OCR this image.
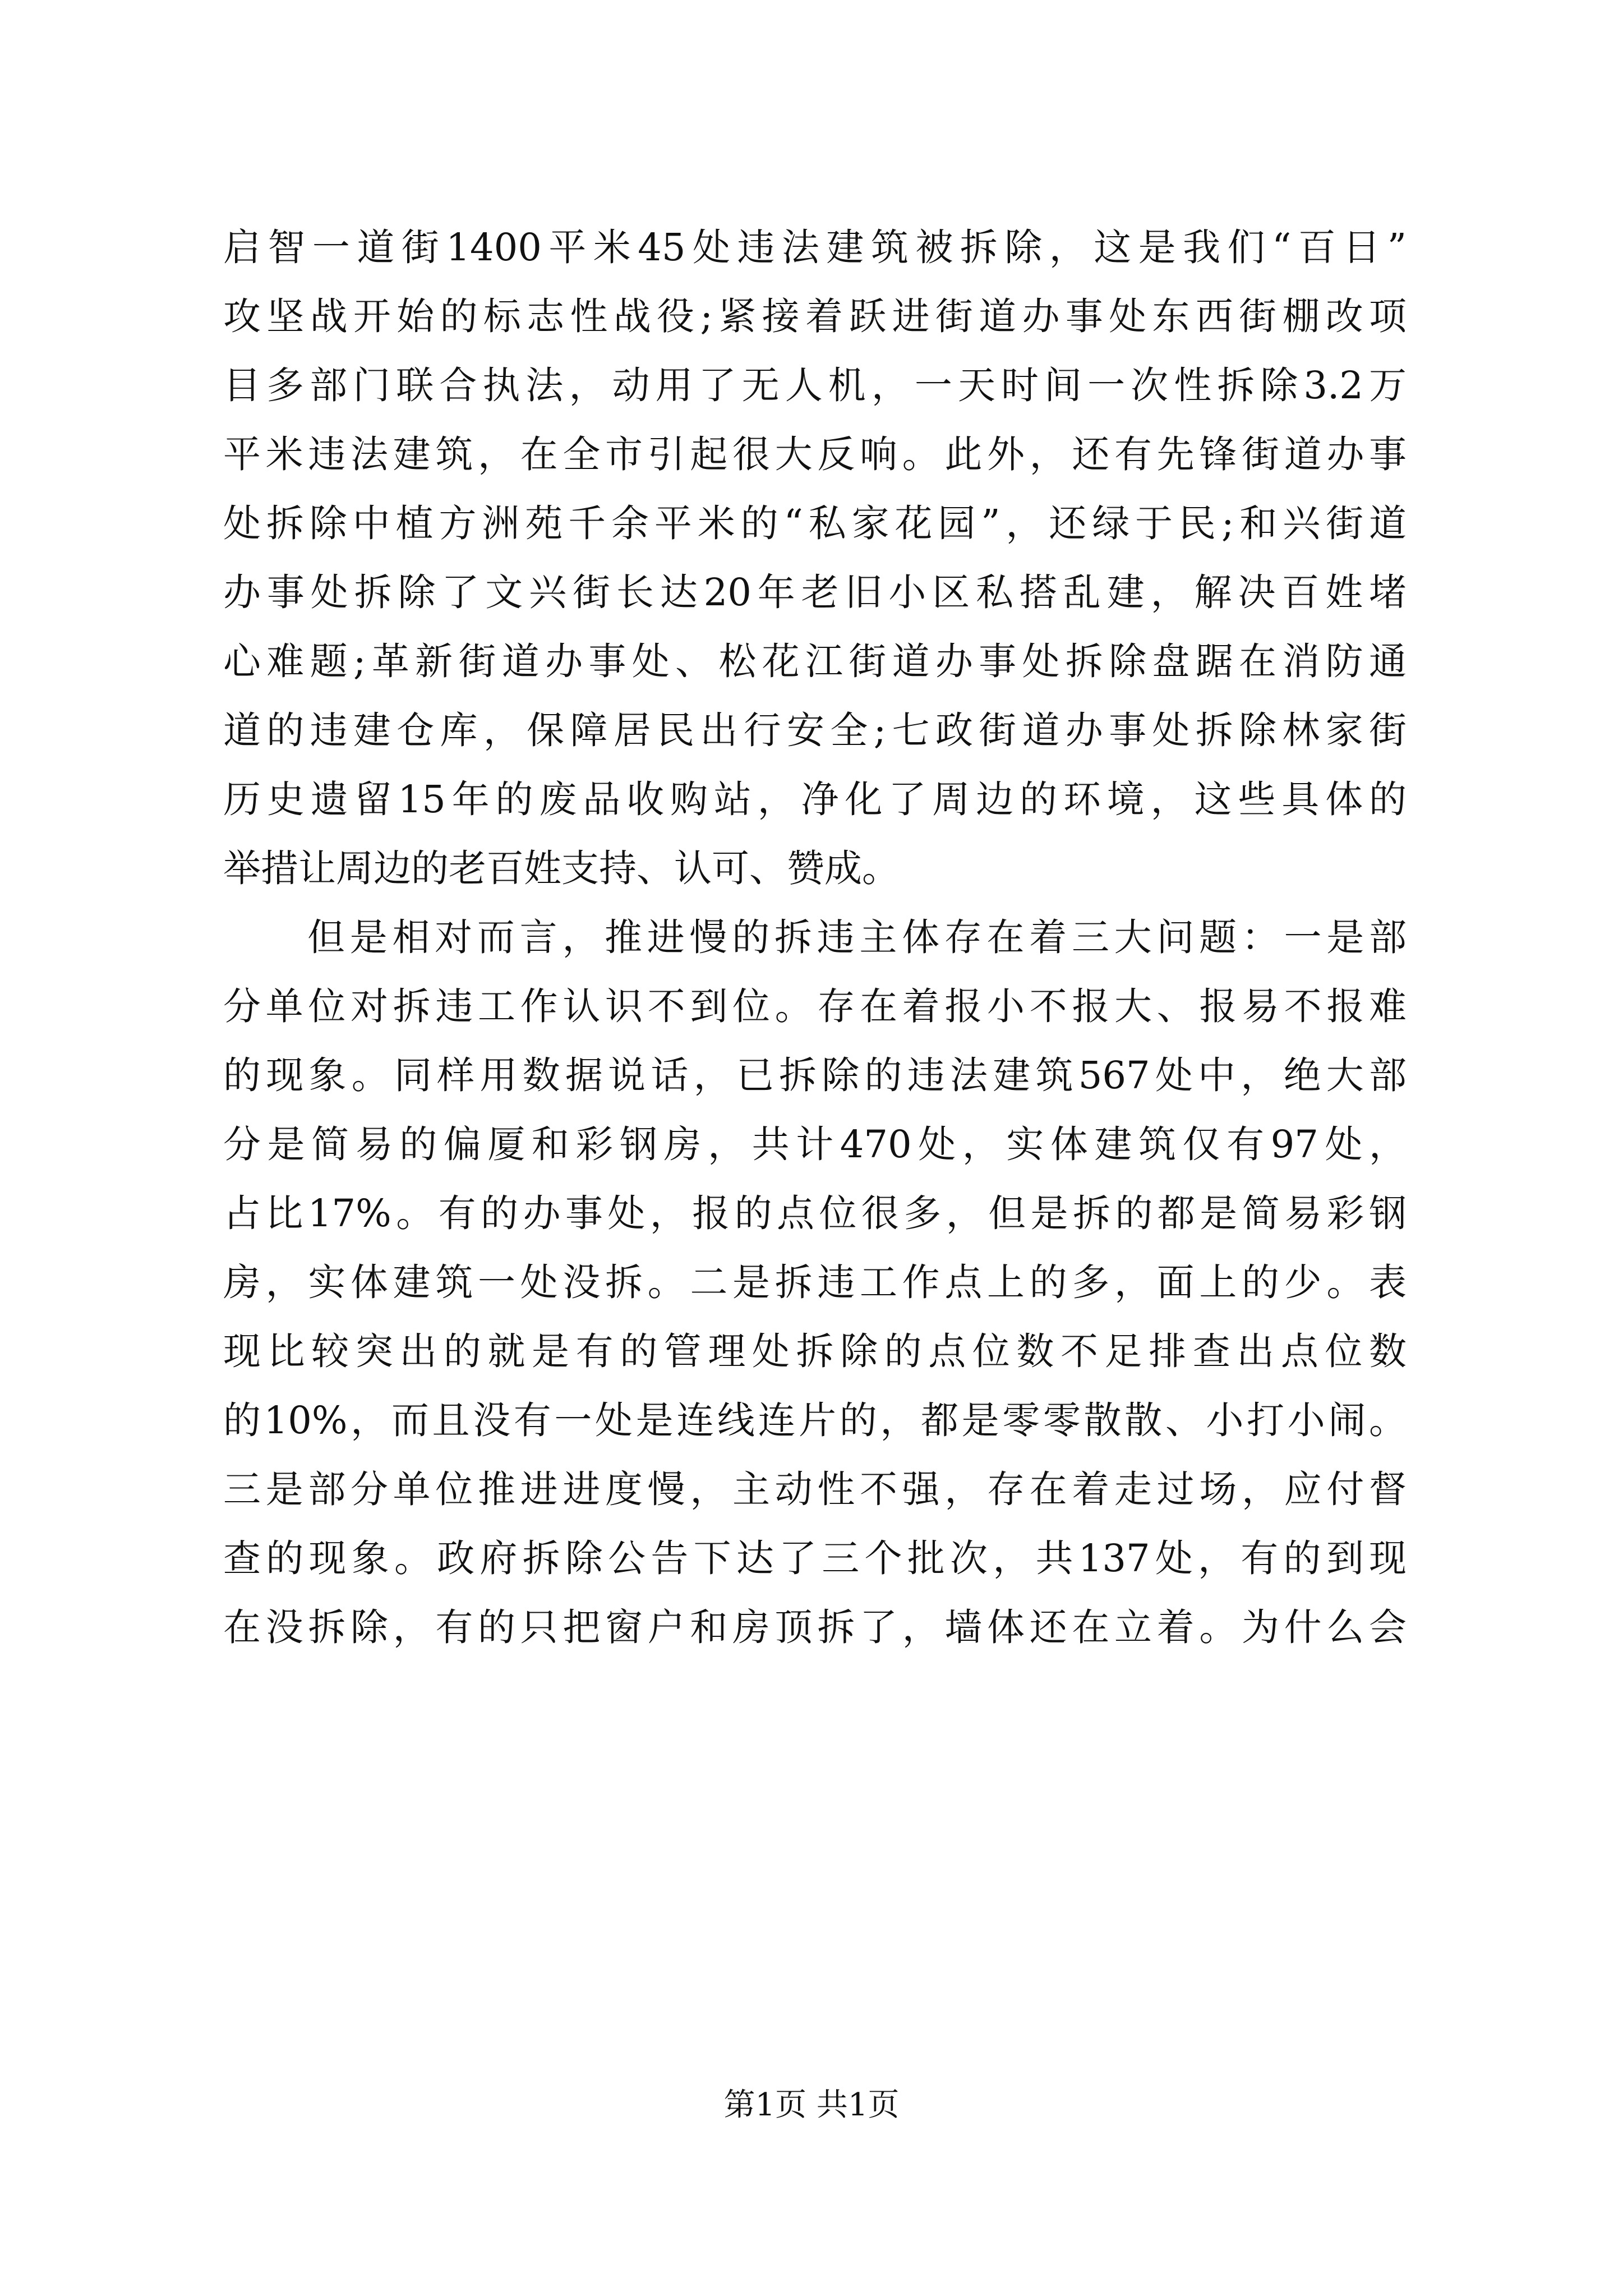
启智一道街1400平米45处违法建筑被拆除，这是我们“百日”
攻坚战开始的标志性战役;紧接着跃进街道办事处东西街棚改项
目多部门联合执法，动用了无人机，一天时间一次性拆除3.2万
平米违法建筑，在全市引起很大反响。此外，还有先锋街道办事
处拆除中植方洲苑千余平米的“私家花园”，还绿于民;和兴街道
办事处拆除了文兴街长达20年老旧小区私搭乱建，解决百姓堵
心难题;革新街道办事处、松花江街道办事处拆除盘踞在消防通
道的违建仓库，保障居民出行安全;七政街道办事处拆除林家街
历史遗留15年的废品收购站，净化了周边的环境，这些具体的
举措让周边的老百姓支持、认可、赞成。
但是相对而言，推进慢的拆违主体存在着三大问题：一是部
分单位对拆违工作认识不到位。存在着报小不报大、报易不报难
的现象。同样用数据说话，已拆除的违法建筑567处中，绝大部
分是简易的偏厦和彩钢房，共计470处，实体建筑仅有97处，
占比17%。有的办事处，报的点位很多，但是拆的都是简易彩钢
房，实体建筑一处没拆。二是拆违工作点上的多，面上的少。表
现比较突出的就是有的管理处拆除的点位数不足排查出点位数
的10%，而且没有一处是连线连片的，都是零零散散、小打小闹。
三是部分单位推进进度慢，主动性不强，存在着走过场，应付督
查的现象。政府拆除公告下达了三个批次，共137处，有的到现
在没拆除，有的只把窗户和房顶拆了，墙体还在立着。为什么会
第1页 共1页
